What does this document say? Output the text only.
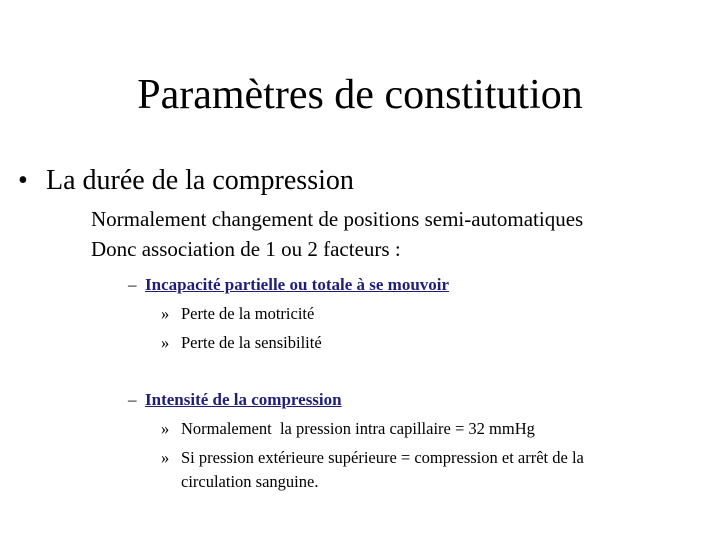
Paramètres de constitution
• La durée de la compression
Normalement changement de positions semi-automatiques
Donc association de 1 ou 2 facteurs :
– Incapacité partielle ou totale à se mouvoir
» Perte de la motricité
» Perte de la sensibilité
– Intensité de la compression
» Normalement  la pression intra capillaire = 32 mmHg
» Si pression extérieure supérieure = compression et arrêt de la
circulation sanguine.
